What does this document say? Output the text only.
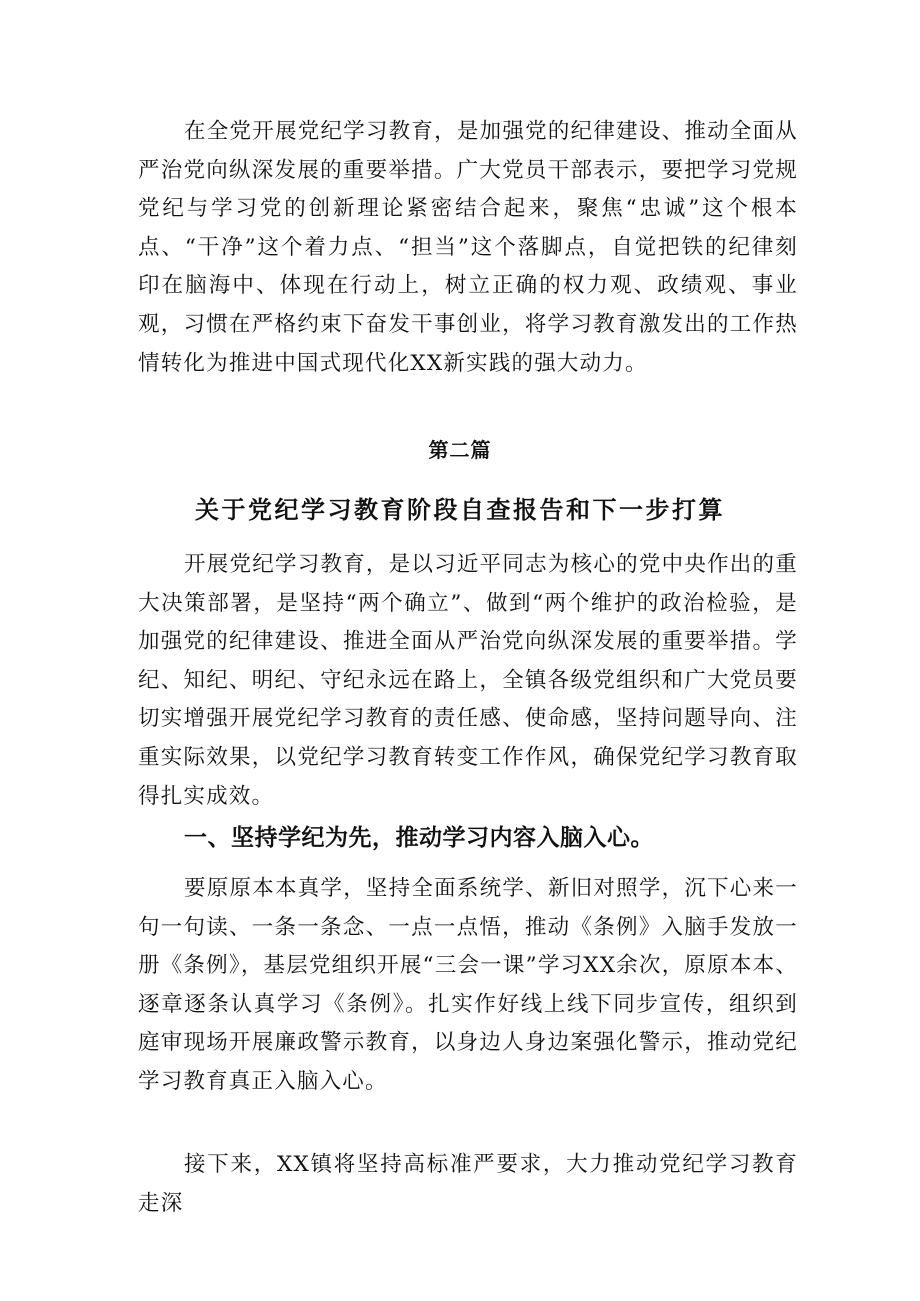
在全党开展党纪学习教育，是加强党的纪律建设、推动全面从严治党向纵深发展的重要举措。广大党员干部表示，要把学习党规党纪与学习党的创新理论紧密结合起来，聚焦“忠诚”这个根本点、“干净”这个着力点、“担当”这个落脚点，自觉把铁的纪律刻印在脑海中、体现在行动上，树立正确的权力观、政绩观、事业观，习惯在严格约束下奋发干事创业，将学习教育激发出的工作热情转化为推进中国式现代化XX新实践的强大动力。

第二篇
关于党纪学习教育阶段自查报告和下一步打算

开展党纪学习教育，是以习近平同志为核心的党中央作出的重大决策部署，是坚持“两个确立”、做到“两个维护的政治检验，是加强党的纪律建设、推进全面从严治党向纵深发展的重要举措。学纪、知纪、明纪、守纪永远在路上，全镇各级党组织和广大党员要切实增强开展党纪学习教育的责任感、使命感，坚持问题导向、注重实际效果，以党纪学习教育转变工作作风，确保党纪学习教育取得扎实成效。

一、坚持学纪为先，推动学习内容入脑入心。

要原原本本真学，坚持全面系统学、新旧对照学，沉下心来一句一句读、一条一条念、一点一点悟，推动《条例》入脑手发放一册《条例》，基层党组织开展“三会一课”学习XX余次，原原本本、逐章逐条认真学习《条例》。扎实作好线上线下同步宣传，组织到庭审现场开展廉政警示教育，以身边人身边案强化警示，推动党纪学习教育真正入脑入心。

接下来，XX镇将坚持高标准严要求，大力推动党纪学习教育走深
